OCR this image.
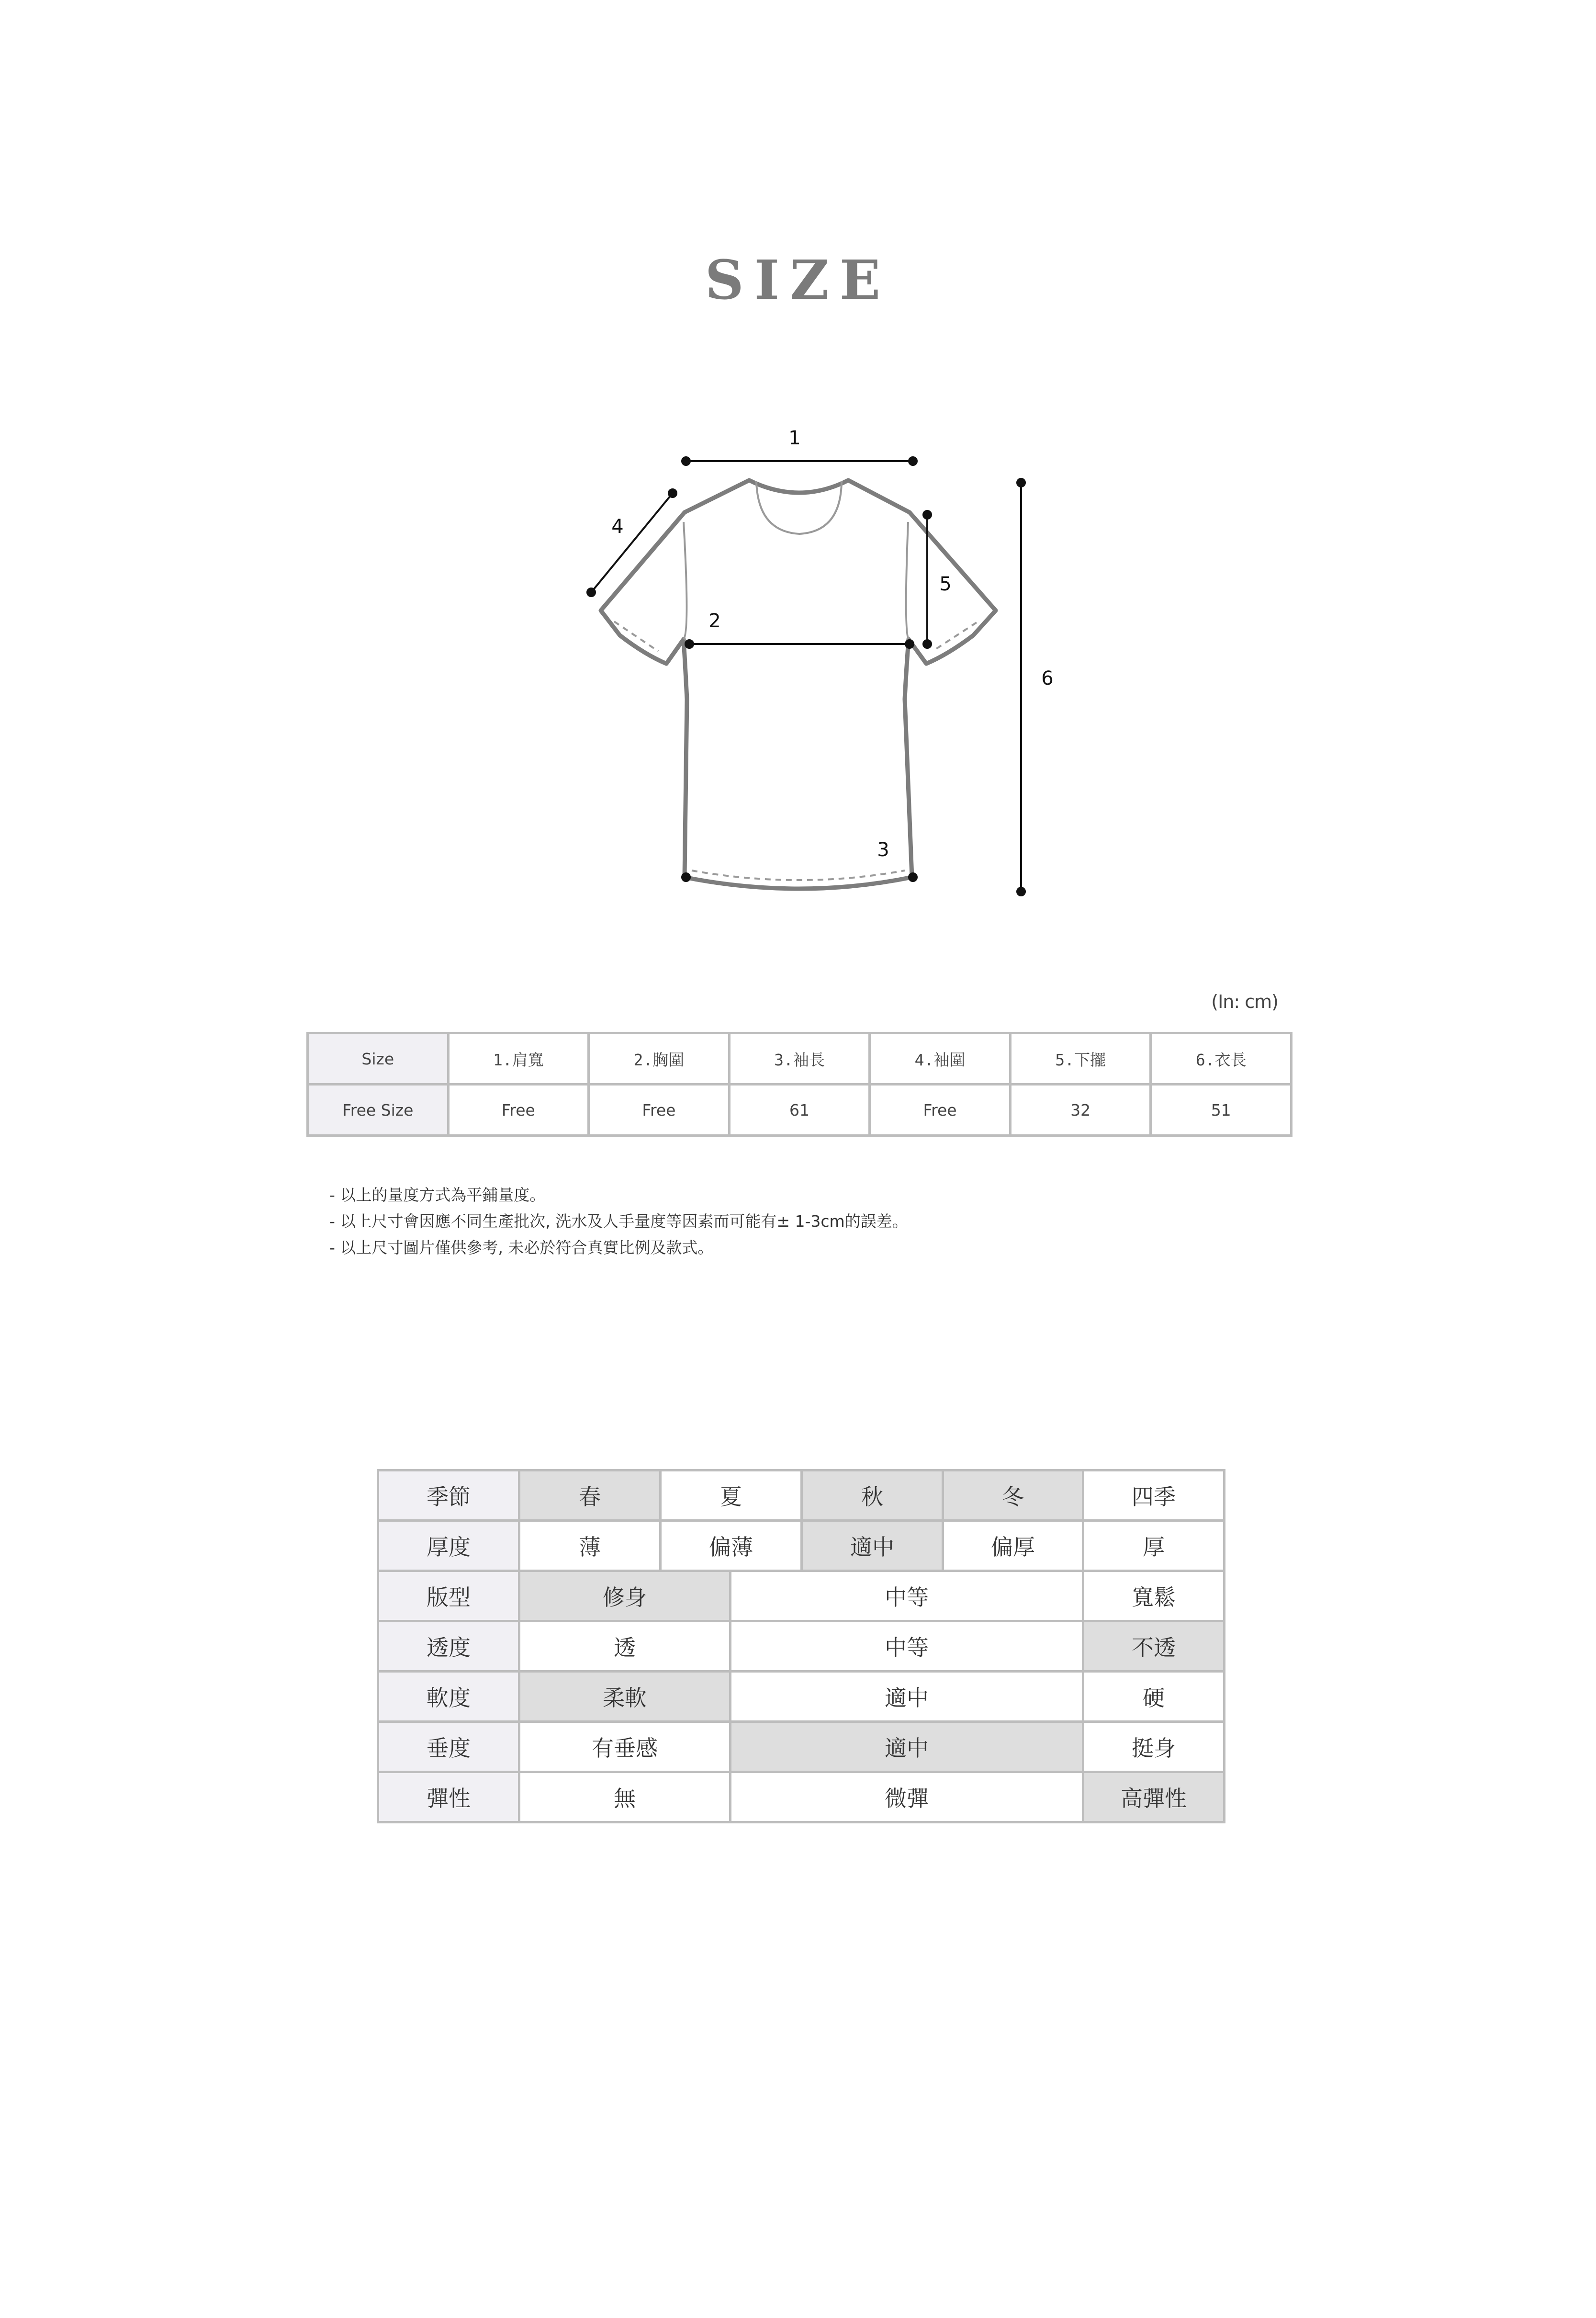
SIZE
1
2
3
4
5
6
(In: cm)
Size	1.肩寬	2.胸圍	3.袖長	4.袖圍	5.下擺	6.衣長
Free Size	Free	Free	61	Free	32	51
- 以上的量度方式為平鋪量度。
- 以上尺寸會因應不同生產批次, 洗水及人手量度等因素而可能有± 1-3cm的誤差。
- 以上尺寸圖片僅供參考, 未必於符合真實比例及款式。
季節	春	夏		秋	冬	四季
厚度	薄	偏薄		適中	偏厚	厚
版型	修身		中等			寬鬆
透度	透		中等			不透
軟度	柔軟		適中			硬
垂度	有垂感		適中			挺身
彈性	無		微彈			高彈性
